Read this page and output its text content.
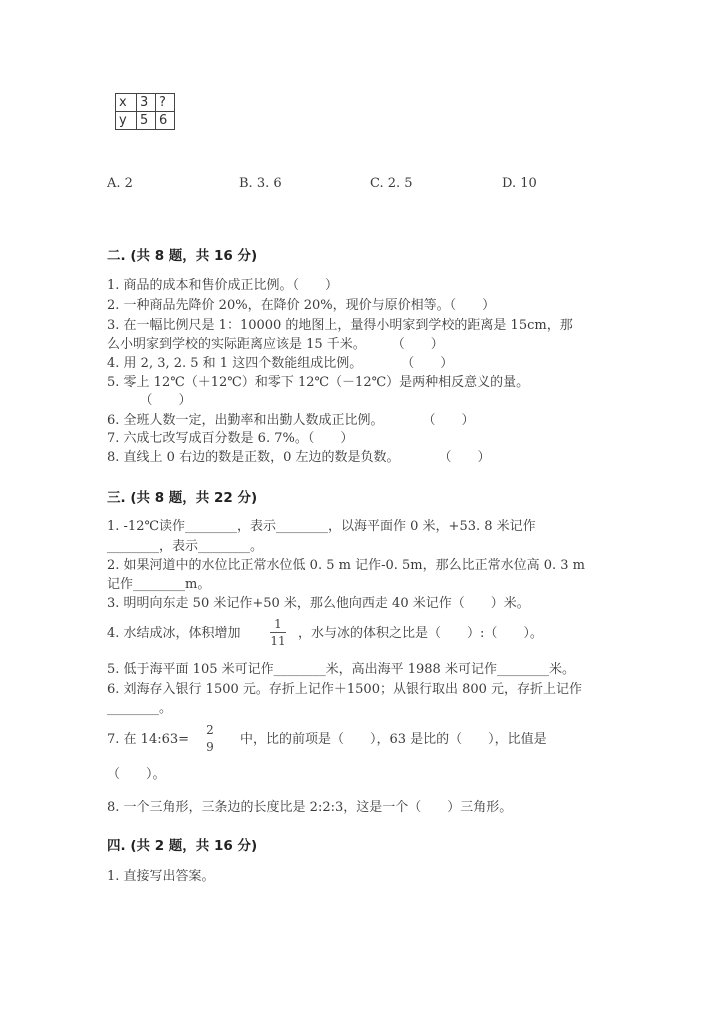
x	3	?
y	5	6
A. 2	B. 3. 6	C. 2. 5	D. 10
二. (共 8 题，共 16 分)
1. 商品的成本和售价成正比例。（　　）
2. 一种商品先降价 20%，在降价 20%，现价与原价相等。（　　）
3. 在一幅比例尺是 1：10000 的地图上，量得小明家到学校的距离是 15cm，那
么小明家到学校的实际距离应该是 15 千米。　　　（　　）
4. 用 2, 3, 2. 5 和 1 这四个数能组成比例。　　　　（　　）
5. 零上 12℃（＋12℃）和零下 12℃（－12℃）是两种相反意义的量。
　　　（　　）
6. 全班人数一定，出勤率和出勤人数成正比例。　　　　（　　）
7. 六成七改写成百分数是 6. 7%。（　　）
8. 直线上 0 右边的数是正数，0 左边的数是负数。　　　　（　　）
三. (共 8 题，共 22 分)
1. -12℃读作________，表示________，以海平面作 0 米，+53. 8 米记作
________，表示________。
2. 如果河道中的水位比正常水位低 0. 5 m 记作-0. 5m，那么比正常水位高 0. 3 m
记作________m。
3. 明明向东走 50 米记作+50 米，那么他向西走 40 米记作（　　）米。
4. 水结成冰，体积增加
1
11 ，水与冰的体积之比是（　　）:（　　）。
5. 低于海平面 105 米可记作________米，高出海平 1988 米可记作________米。
6. 刘海存入银行 1500 元。存折上记作＋1500；从银行取出 800 元，存折上记作
________。
7. 在 14:63=
2
9 中，比的前项是（　　），63 是比的（　　），比值是
（　　）。
8. 一个三角形，三条边的长度比是 2:2:3，这是一个（　　）三角形。
四. (共 2 题，共 16 分)
1. 直接写出答案。
